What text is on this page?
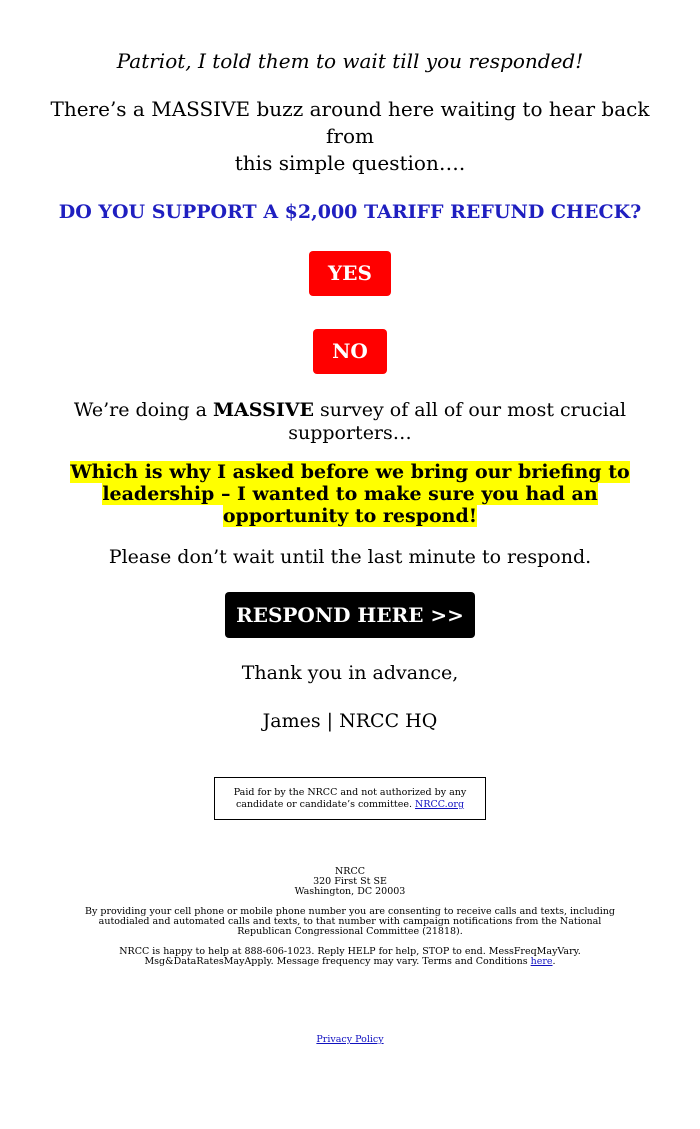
Patriot, I told them to wait till you responded!

There’s a MASSIVE buzz around here waiting to hear back from
this simple question….

DO YOU SUPPORT A $2,000 TARIFF REFUND CHECK?

YES
NO

We’re doing a MASSIVE survey of all of our most crucial
supporters…

Which is why I asked before we bring our briefing to
leadership – I wanted to make sure you had an
opportunity to respond!

Please don’t wait until the last minute to respond.

RESPOND HERE >>

Thank you in advance,

James | NRCC HQ

Paid for by the NRCC and not authorized by any
candidate or candidate’s committee. NRCC.org

NRCC
320 First St SE
Washington, DC 20003

By providing your cell phone or mobile phone number you are consenting to receive calls and texts, including
autodialed and automated calls and texts, to that number with campaign notifications from the National
Republican Congressional Committee (21818).

NRCC is happy to help at 888-606-1023. Reply HELP for help, STOP to end. MessFreqMayVary.
Msg&DataRatesMayApply. Message frequency may vary. Terms and Conditions here.

Privacy Policy
